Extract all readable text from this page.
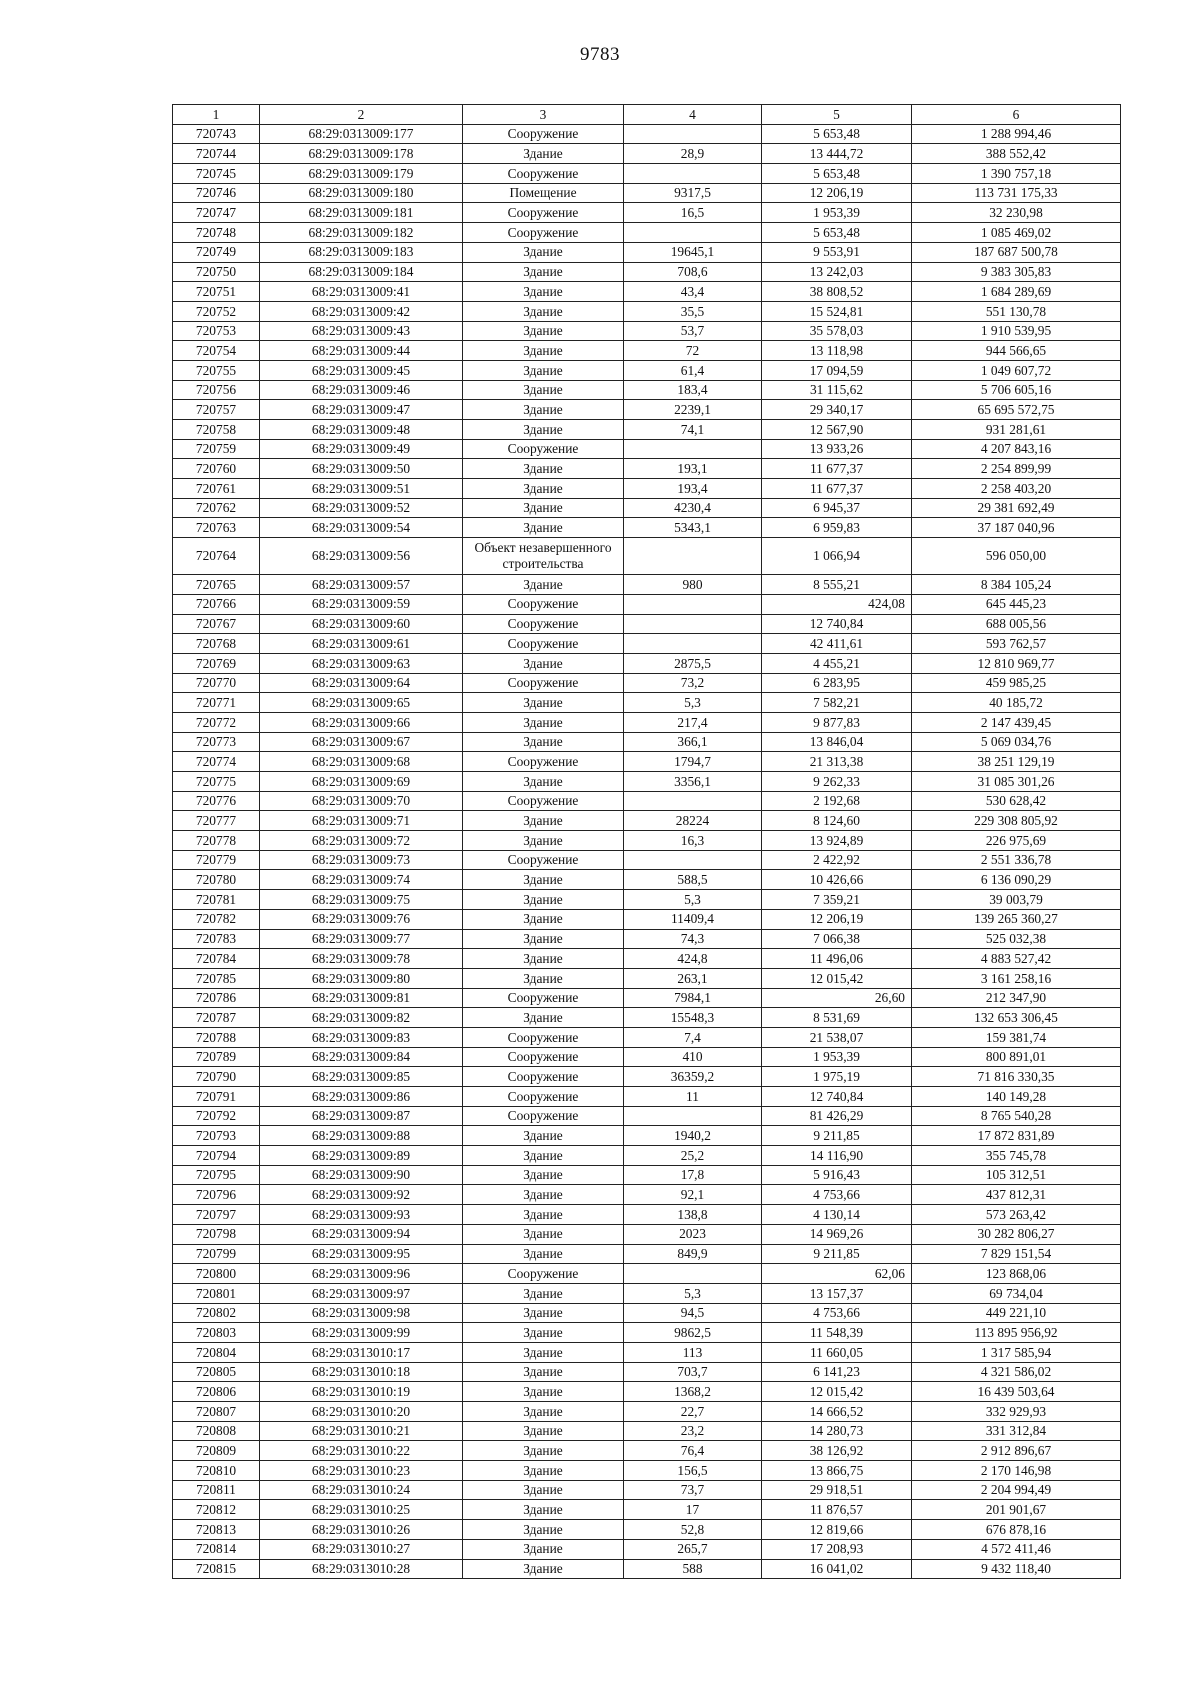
9783
1	2	3	4	5	6
720743	68:29:0313009:177	Сооружение		5 653,48	1 288 994,46
720744	68:29:0313009:178	Здание	28,9	13 444,72	388 552,42
720745	68:29:0313009:179	Сооружение		5 653,48	1 390 757,18
720746	68:29:0313009:180	Помещение	9317,5	12 206,19	113 731 175,33
720747	68:29:0313009:181	Сооружение	16,5	1 953,39	32 230,98
720748	68:29:0313009:182	Сооружение		5 653,48	1 085 469,02
720749	68:29:0313009:183	Здание	19645,1	9 553,91	187 687 500,78
720750	68:29:0313009:184	Здание	708,6	13 242,03	9 383 305,83
720751	68:29:0313009:41	Здание	43,4	38 808,52	1 684 289,69
720752	68:29:0313009:42	Здание	35,5	15 524,81	551 130,78
720753	68:29:0313009:43	Здание	53,7	35 578,03	1 910 539,95
720754	68:29:0313009:44	Здание	72	13 118,98	944 566,65
720755	68:29:0313009:45	Здание	61,4	17 094,59	1 049 607,72
720756	68:29:0313009:46	Здание	183,4	31 115,62	5 706 605,16
720757	68:29:0313009:47	Здание	2239,1	29 340,17	65 695 572,75
720758	68:29:0313009:48	Здание	74,1	12 567,90	931 281,61
720759	68:29:0313009:49	Сооружение		13 933,26	4 207 843,16
720760	68:29:0313009:50	Здание	193,1	11 677,37	2 254 899,99
720761	68:29:0313009:51	Здание	193,4	11 677,37	2 258 403,20
720762	68:29:0313009:52	Здание	4230,4	6 945,37	29 381 692,49
720763	68:29:0313009:54	Здание	5343,1	6 959,83	37 187 040,96
720764	68:29:0313009:56	Объект незавершенного строительства		1 066,94	596 050,00
720765	68:29:0313009:57	Здание	980	8 555,21	8 384 105,24
720766	68:29:0313009:59	Сооружение		424,08	645 445,23
720767	68:29:0313009:60	Сооружение		12 740,84	688 005,56
720768	68:29:0313009:61	Сооружение		42 411,61	593 762,57
720769	68:29:0313009:63	Здание	2875,5	4 455,21	12 810 969,77
720770	68:29:0313009:64	Сооружение	73,2	6 283,95	459 985,25
720771	68:29:0313009:65	Здание	5,3	7 582,21	40 185,72
720772	68:29:0313009:66	Здание	217,4	9 877,83	2 147 439,45
720773	68:29:0313009:67	Здание	366,1	13 846,04	5 069 034,76
720774	68:29:0313009:68	Сооружение	1794,7	21 313,38	38 251 129,19
720775	68:29:0313009:69	Здание	3356,1	9 262,33	31 085 301,26
720776	68:29:0313009:70	Сооружение		2 192,68	530 628,42
720777	68:29:0313009:71	Здание	28224	8 124,60	229 308 805,92
720778	68:29:0313009:72	Здание	16,3	13 924,89	226 975,69
720779	68:29:0313009:73	Сооружение		2 422,92	2 551 336,78
720780	68:29:0313009:74	Здание	588,5	10 426,66	6 136 090,29
720781	68:29:0313009:75	Здание	5,3	7 359,21	39 003,79
720782	68:29:0313009:76	Здание	11409,4	12 206,19	139 265 360,27
720783	68:29:0313009:77	Здание	74,3	7 066,38	525 032,38
720784	68:29:0313009:78	Здание	424,8	11 496,06	4 883 527,42
720785	68:29:0313009:80	Здание	263,1	12 015,42	3 161 258,16
720786	68:29:0313009:81	Сооружение	7984,1	26,60	212 347,90
720787	68:29:0313009:82	Здание	15548,3	8 531,69	132 653 306,45
720788	68:29:0313009:83	Сооружение	7,4	21 538,07	159 381,74
720789	68:29:0313009:84	Сооружение	410	1 953,39	800 891,01
720790	68:29:0313009:85	Сооружение	36359,2	1 975,19	71 816 330,35
720791	68:29:0313009:86	Сооружение	11	12 740,84	140 149,28
720792	68:29:0313009:87	Сооружение		81 426,29	8 765 540,28
720793	68:29:0313009:88	Здание	1940,2	9 211,85	17 872 831,89
720794	68:29:0313009:89	Здание	25,2	14 116,90	355 745,78
720795	68:29:0313009:90	Здание	17,8	5 916,43	105 312,51
720796	68:29:0313009:92	Здание	92,1	4 753,66	437 812,31
720797	68:29:0313009:93	Здание	138,8	4 130,14	573 263,42
720798	68:29:0313009:94	Здание	2023	14 969,26	30 282 806,27
720799	68:29:0313009:95	Здание	849,9	9 211,85	7 829 151,54
720800	68:29:0313009:96	Сооружение		62,06	123 868,06
720801	68:29:0313009:97	Здание	5,3	13 157,37	69 734,04
720802	68:29:0313009:98	Здание	94,5	4 753,66	449 221,10
720803	68:29:0313009:99	Здание	9862,5	11 548,39	113 895 956,92
720804	68:29:0313010:17	Здание	113	11 660,05	1 317 585,94
720805	68:29:0313010:18	Здание	703,7	6 141,23	4 321 586,02
720806	68:29:0313010:19	Здание	1368,2	12 015,42	16 439 503,64
720807	68:29:0313010:20	Здание	22,7	14 666,52	332 929,93
720808	68:29:0313010:21	Здание	23,2	14 280,73	331 312,84
720809	68:29:0313010:22	Здание	76,4	38 126,92	2 912 896,67
720810	68:29:0313010:23	Здание	156,5	13 866,75	2 170 146,98
720811	68:29:0313010:24	Здание	73,7	29 918,51	2 204 994,49
720812	68:29:0313010:25	Здание	17	11 876,57	201 901,67
720813	68:29:0313010:26	Здание	52,8	12 819,66	676 878,16
720814	68:29:0313010:27	Здание	265,7	17 208,93	4 572 411,46
720815	68:29:0313010:28	Здание	588	16 041,02	9 432 118,40
